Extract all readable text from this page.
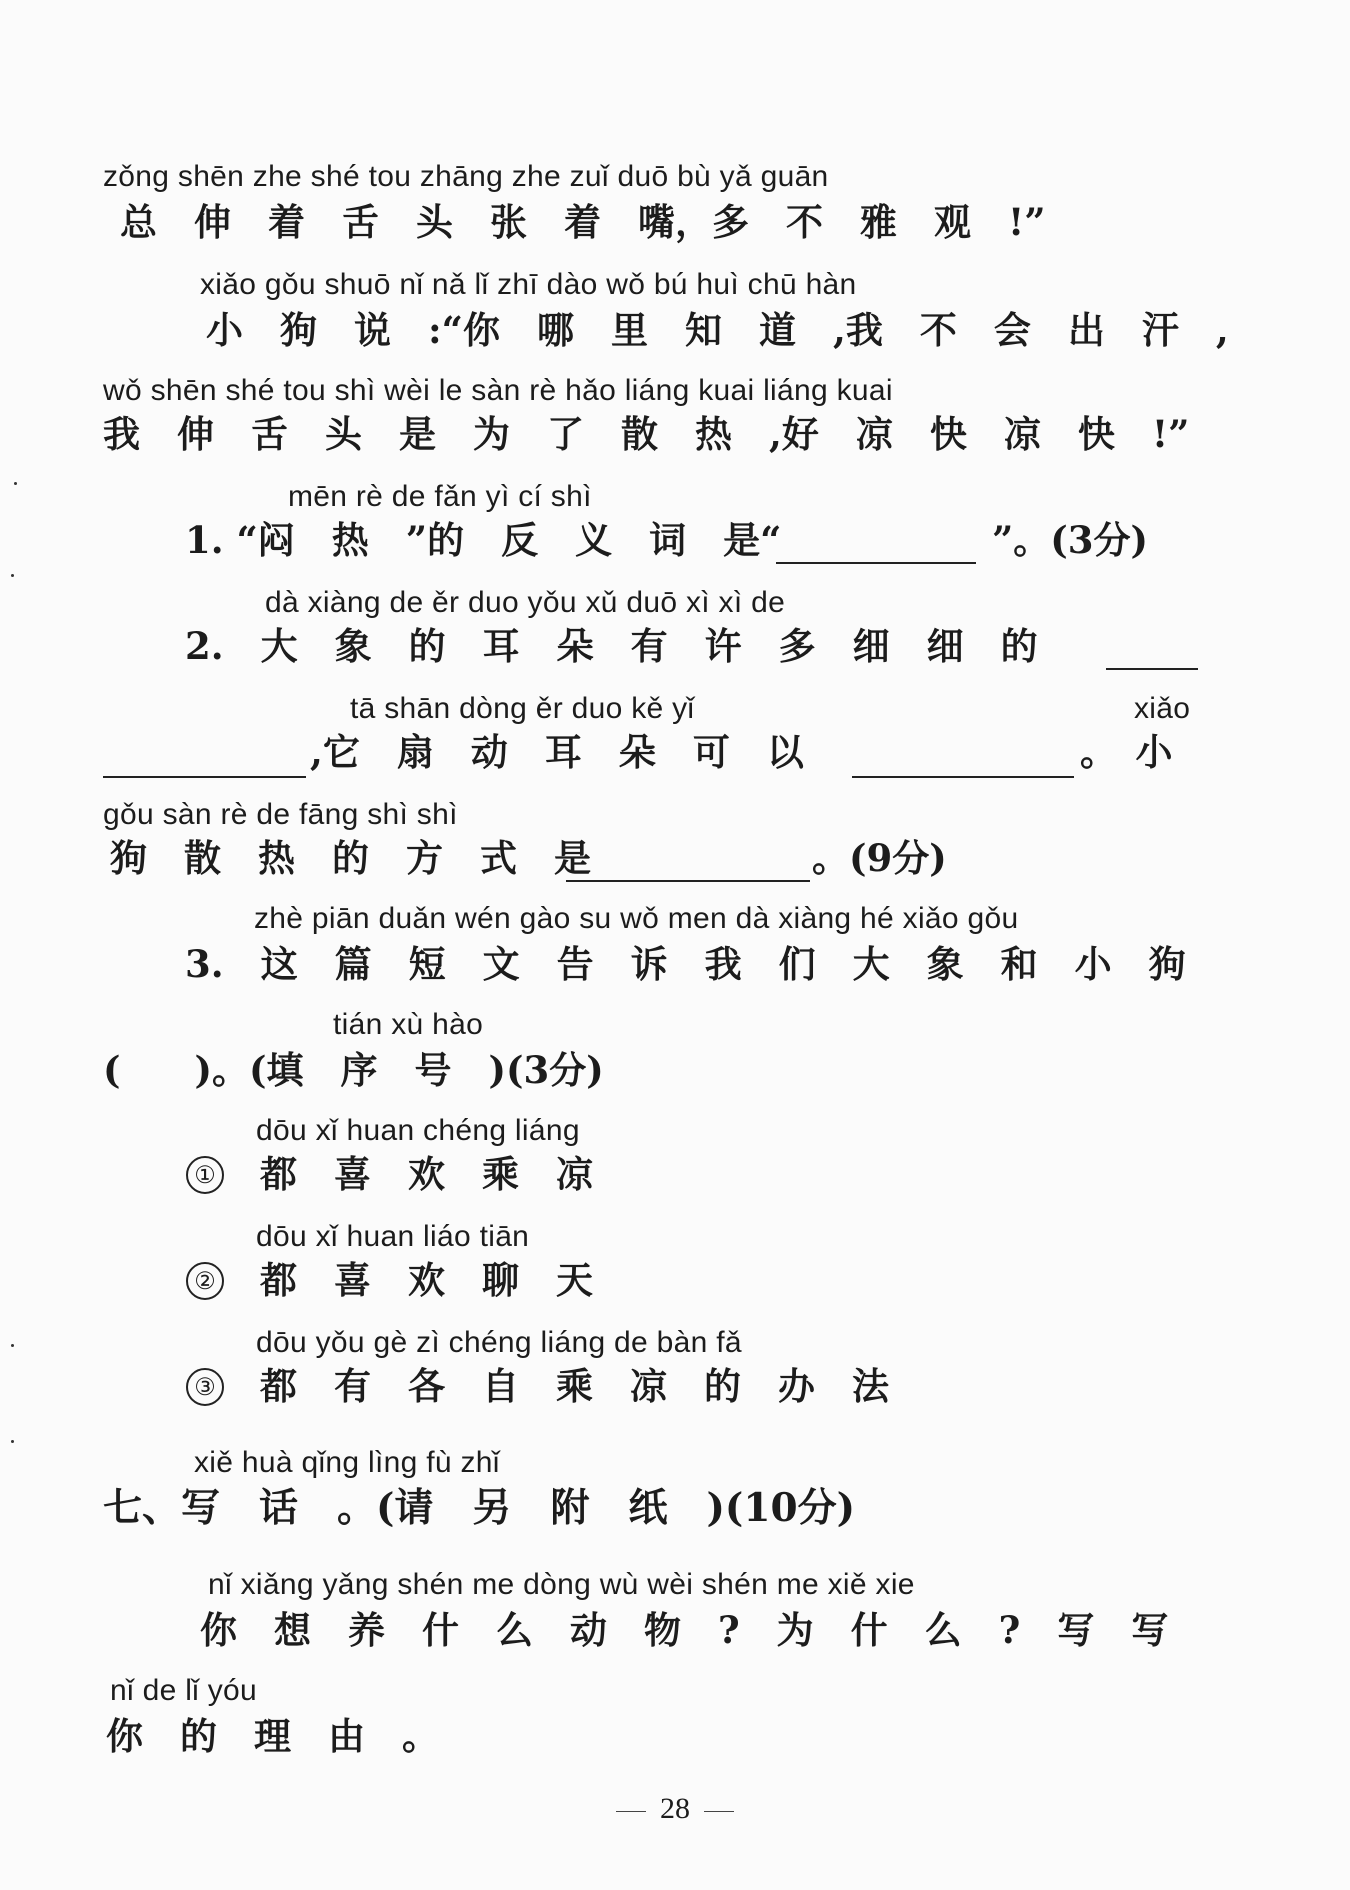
zǒng shēn zhe shé tou zhāng zhe zuǐ duō bù yǎ guān
总　伸　着　舌　头　张　着　嘴，多　不　雅　观　!”
xiǎo gǒu shuō nǐ nǎ lǐ zhī dào wǒ bú huì chū hàn
小　狗　说　:“你　哪　里　知　道　,我　不　会　出　汗　,
wǒ shēn shé tou shì wèi le sàn rè hǎo liáng kuai liáng kuai
我　伸　舌　头　是　为　了　散　热　,好　凉　快　凉　快　!”
mēn rè de fǎn yì cí shì
1. “闷　热　”的　反　义　词　是“	”。(3分)
dà xiàng de ěr duo yǒu xǔ duō xì xì de
2.　大　象　的　耳　朵　有　许　多　细　细　的
tā shān dòng ěr duo kě yǐ	xiǎo
,它　扇　动　耳　朵　可　以	。　小
gǒu sàn rè de fāng shì shì
狗　散　热　的　方　式　是	。(9分)
zhè piān duǎn wén gào su wǒ men dà xiàng hé xiǎo gǒu
3.　这　篇　短　文　告　诉　我　们　大　象　和　小　狗
tián xù hào
(　　)。(填　序　号　)(3分)
dōu xǐ huan chéng liáng
① 都　喜　欢　乘　凉
dōu xǐ huan liáo tiān
② 都　喜　欢　聊　天
dōu yǒu gè zì chéng liáng de bàn fǎ
③ 都　有　各　自　乘　凉　的　办　法
xiě huà qǐng lìng fù zhǐ
七、写　话　。(请　另　附　纸　)(10分)
nǐ xiǎng yǎng shén me dòng wù wèi shén me xiě xie
你　想　养　什　么　动　物　?　为　什　么　?　写　写
nǐ de lǐ yóu
你　的　理　由　。
28
